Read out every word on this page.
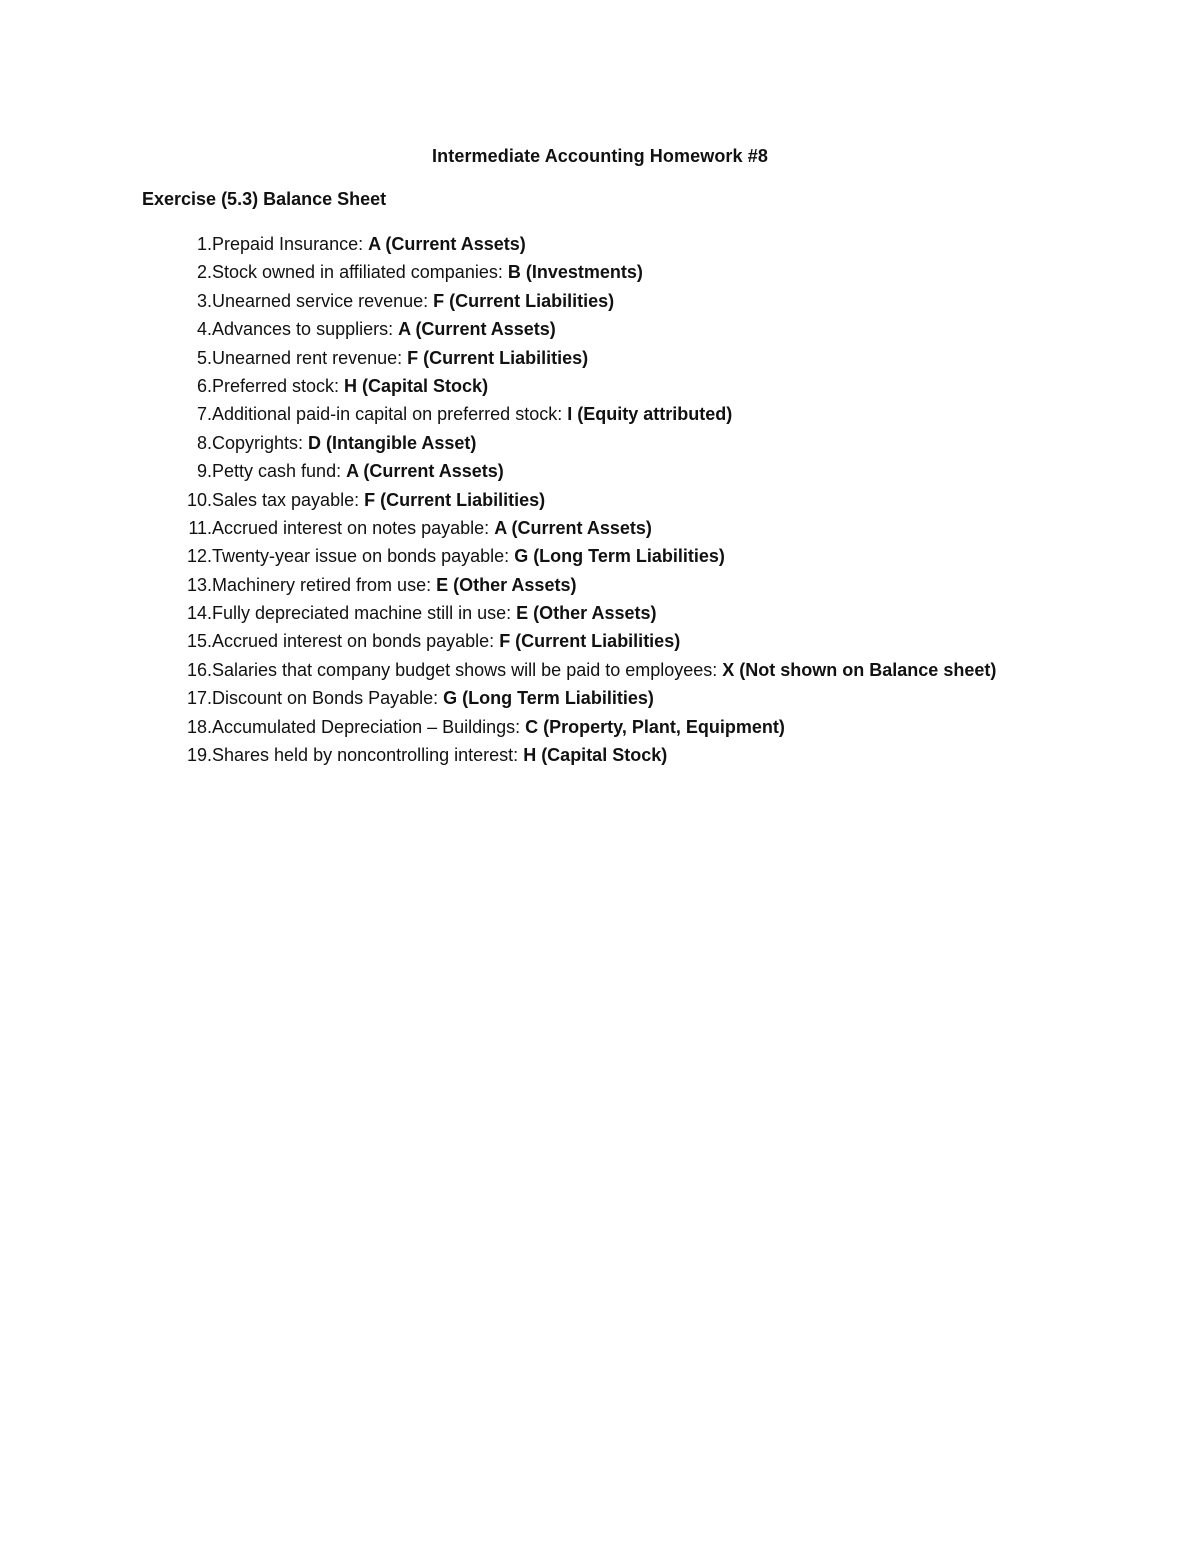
Intermediate Accounting Homework #8
Exercise (5.3) Balance Sheet
1. Prepaid Insurance: A (Current Assets)
2. Stock owned in affiliated companies: B (Investments)
3. Unearned service revenue: F (Current Liabilities)
4. Advances to suppliers: A (Current Assets)
5. Unearned rent revenue: F (Current Liabilities)
6. Preferred stock: H (Capital Stock)
7. Additional paid-in capital on preferred stock: I (Equity attributed)
8. Copyrights: D (Intangible Asset)
9. Petty cash fund: A (Current Assets)
10. Sales tax payable: F (Current Liabilities)
11. Accrued interest on notes payable: A (Current Assets)
12. Twenty-year issue on bonds payable: G (Long Term Liabilities)
13. Machinery retired from use: E (Other Assets)
14. Fully depreciated machine still in use: E (Other Assets)
15. Accrued interest on bonds payable: F (Current Liabilities)
16. Salaries that company budget shows will be paid to employees: X (Not shown on Balance sheet)
17. Discount on Bonds Payable: G (Long Term Liabilities)
18. Accumulated Depreciation – Buildings: C (Property, Plant, Equipment)
19. Shares held by noncontrolling interest: H (Capital Stock)
